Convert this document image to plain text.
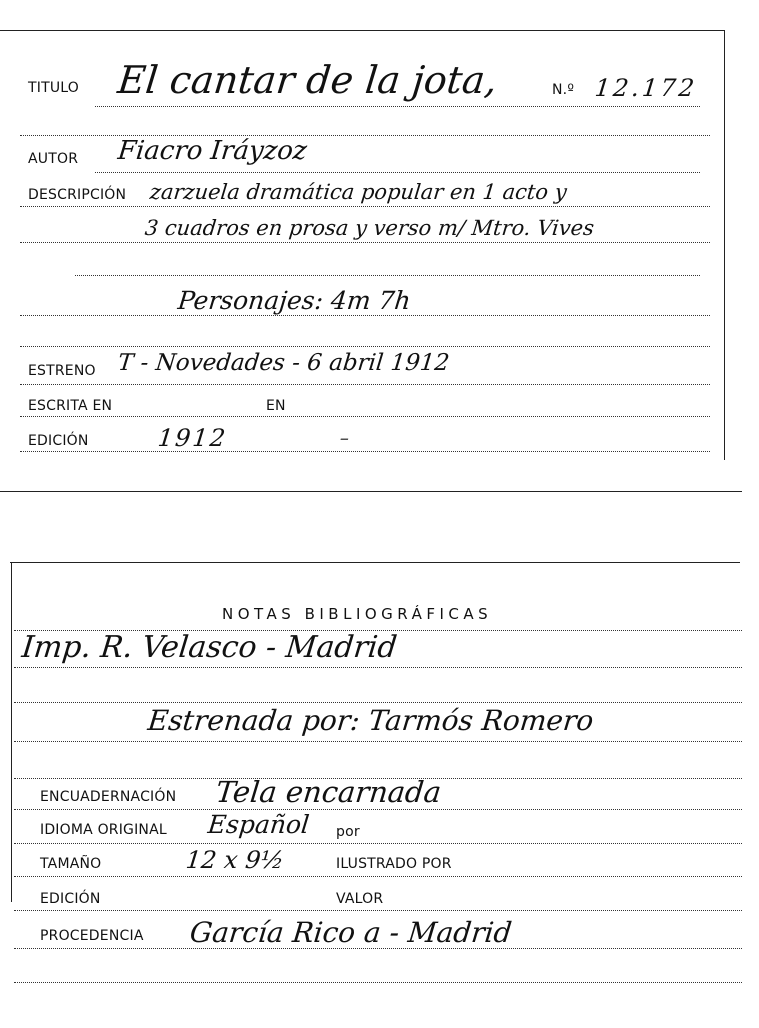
TITULO El cantar de la jota,	N.º 12.172
AUTOR Fiacro Iráyzoz
DESCRIPCIÓN zarzuela dramática popular en 1 acto y
3 cuadros en prosa y verso m/ Mtro. Vives
Personajes: 4m 7h
ESTRENO T - Novedades - 6 abril 1912
ESCRITA EN	EN
EDICIÓN	1912	–
NOTAS BIBLIOGRÁFICAS
Imp. R. Velasco - Madrid
Estrenada por: Tarmós Romero
ENCUADERNACIÓN Tela encarnada
IDIOMA ORIGINAL Español por
TAMAÑO	12 x 9½	ILUSTRADO POR
EDICIÓN	VALOR
PROCEDENCIA García Rico a - Madrid
